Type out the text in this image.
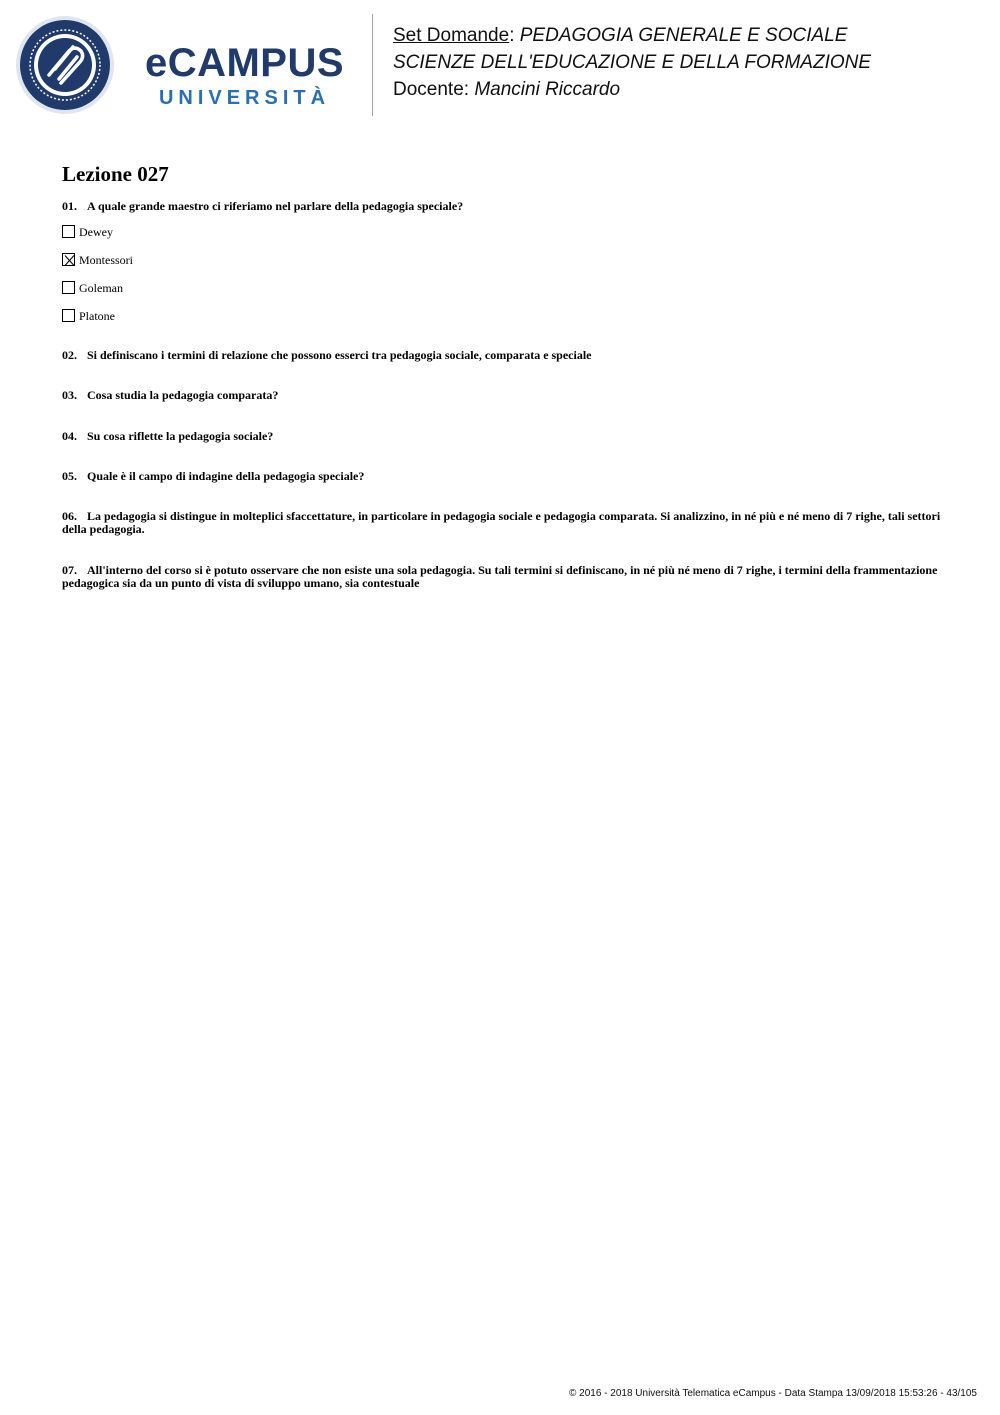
eCAMPUS
UNIVERSITÀ
Set Domande: PEDAGOGIA GENERALE E SOCIALE
SCIENZE DELL'EDUCAZIONE E DELLA FORMAZIONE
Docente: Mancini Riccardo
Lezione 027
01. A quale grande maestro ci riferiamo nel parlare della pedagogia speciale?
Dewey
Montessori
Goleman
Platone
02. Si definiscano i termini di relazione che possono esserci tra pedagogia sociale, comparata e speciale
03. Cosa studia la pedagogia comparata?
04. Su cosa riflette la pedagogia sociale?
05. Quale è il campo di indagine della pedagogia speciale?
06. La pedagogia si distingue in molteplici sfaccettature, in particolare in pedagogia sociale e pedagogia comparata. Si analizzino, in né più e né meno di 7 righe, tali settori della pedagogia.
07. All'interno del corso si è potuto osservare che non esiste una sola pedagogia. Su tali termini si definiscano, in né più né meno di 7 righe, i termini della frammentazione pedagogica sia da un punto di vista di sviluppo umano, sia contestuale
© 2016 - 2018 Università Telematica eCampus - Data Stampa 13/09/2018 15:53:26 - 43/105
